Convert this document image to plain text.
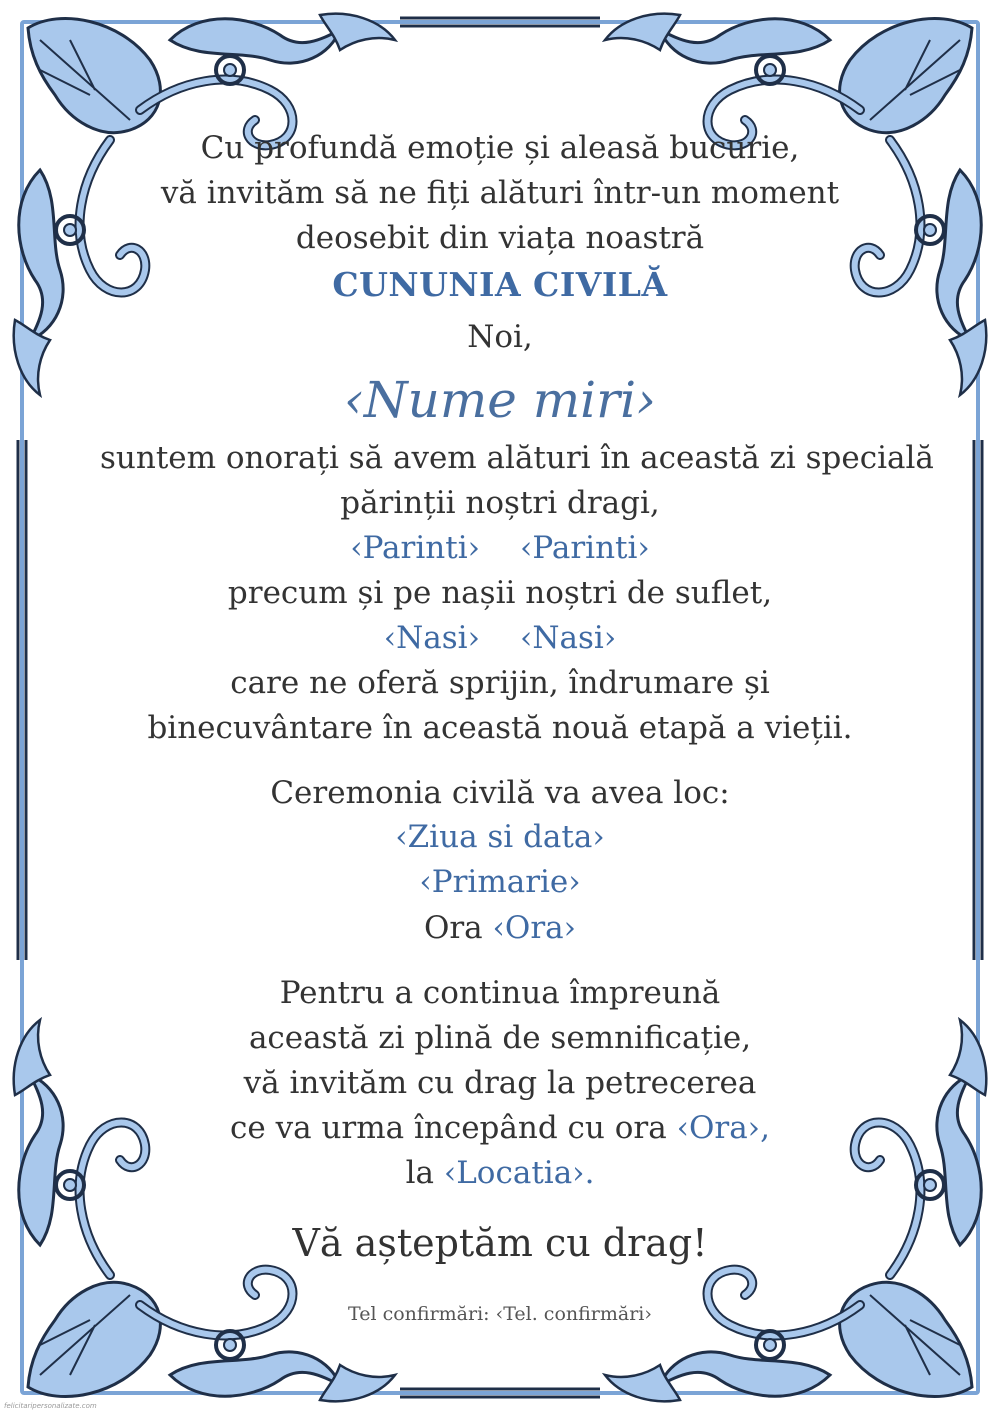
Cu profundă emoție și aleasă bucurie,
vă invităm să ne fiți alături într-un moment
deosebit din viața noastră
CUNUNIA CIVILĂ
Noi,
‹Nume miri›
suntem onorați să avem alături în această zi specială
părinții noștri dragi,
‹Parinti› ‹Parinti›
precum și pe nașii noștri de suflet,
‹Nasi› ‹Nasi›
care ne oferă sprijin, îndrumare și
binecuvântare în această nouă etapă a vieții.
Ceremonia civilă va avea loc:
‹Ziua si data›
‹Primarie›
Ora ‹Ora›
Pentru a continua împreună
această zi plină de semnificație,
vă invităm cu drag la petrecerea
ce va urma începând cu ora ‹Ora›,
la ‹Locatia›.
Vă așteptăm cu drag!
Tel confirmări: ‹Tel. confirmări›
felicitaripersonalizate.com
